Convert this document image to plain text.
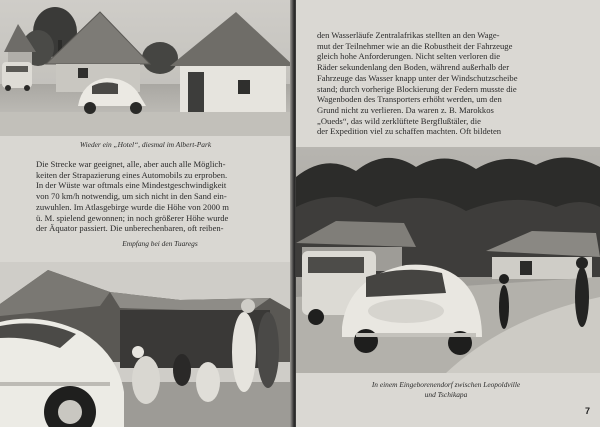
Wieder ein „Hotel“, diesmal im Albert-Park

Die Strecke war geeignet, alle, aber auch alle Möglich-
keiten der Strapazierung eines Automobils zu erproben.
In der Wüste war oftmals eine Mindestgeschwindigkeit
von 70 km/h notwendig, um sich nicht in den Sand ein-
zuwuhlen. Im Atlasgebirge wurde die Höhe von 2000 m
ü. M. spielend gewonnen; in noch größerer Höhe wurde
der Äquator passiert. Die unberechenbaren, oft reiben-

Empfang bei den Tuaregs

den Wasserläufe Zentralafrikas stellten an den Wage-
mut der Teilnehmer wie an die Robustheit der Fahrzeuge
gleich hohe Anforderungen. Nicht selten verloren die
Räder sekundenlang den Boden, während außerhalb der
Fahrzeuge das Wasser knapp unter der Windschutzscheibe
stand; durch vorherige Blockierung der Federn musste die
Wagenboden des Transporters erhöht werden, um den
Grund nicht zu verlieren. Da waren z. B. Marokkos
„Oueds“, das wild zerklüftete Bergflußtäler, die
der Expedition viel zu schaffen machten. Oft bildeten

In einem Eingeborenendorf zwischen Leopoldville
und Tschikapa

7
